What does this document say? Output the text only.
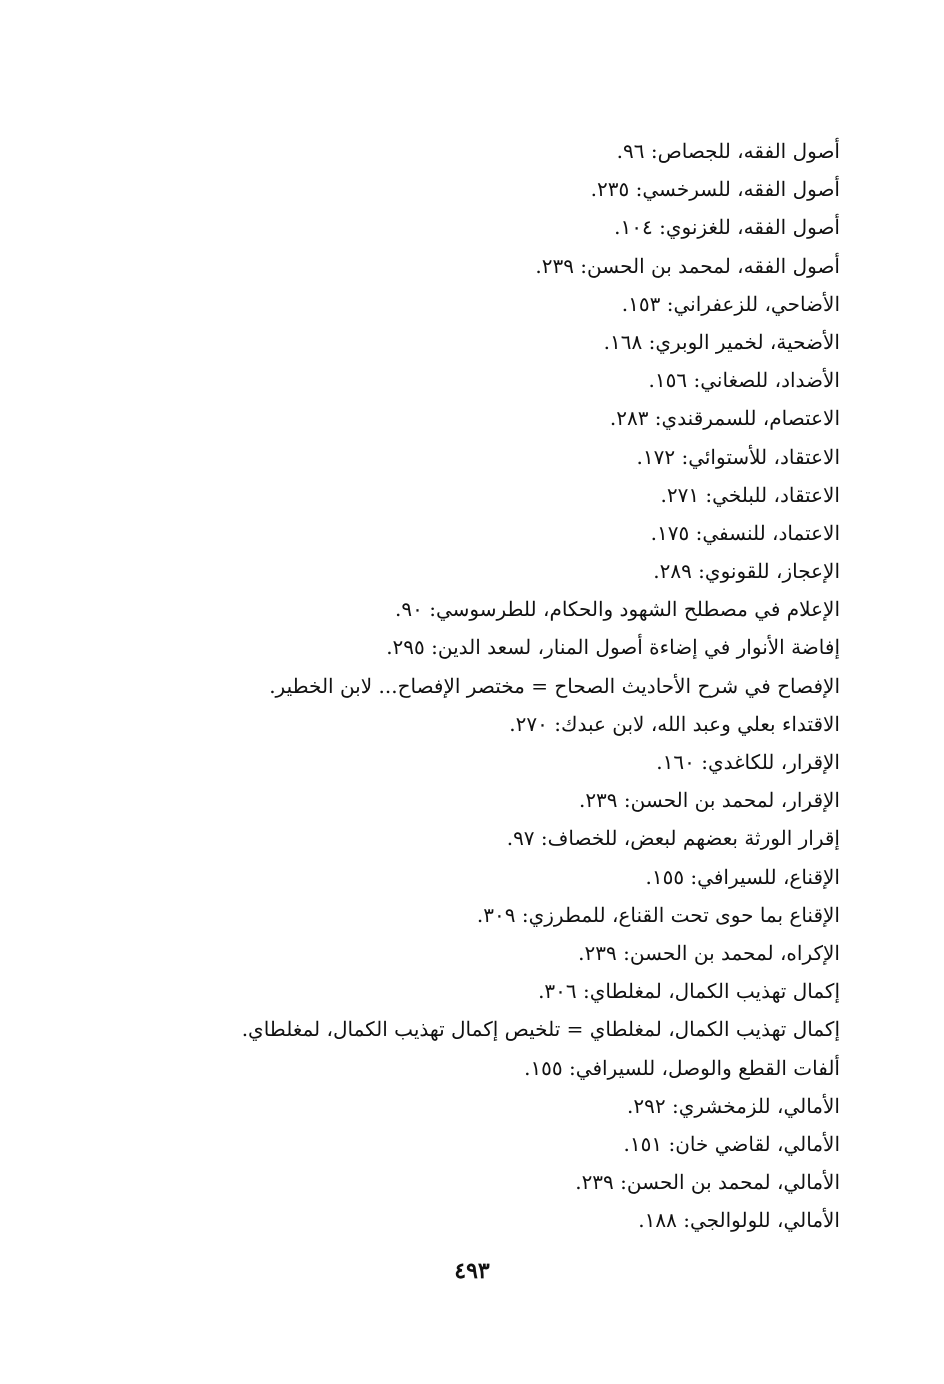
أصول الفقه، للجصاص: ٩٦.
أصول الفقه، للسرخسي: ٢٣٥.
أصول الفقه، للغزنوي: ١٠٤.
أصول الفقه، لمحمد بن الحسن: ٢٣٩.
الأضاحي، للزعفراني: ١٥٣.
الأضحية، لخمير الوبري: ١٦٨.
الأضداد، للصغاني: ١٥٦.
الاعتصام، للسمرقندي: ٢٨٣.
الاعتقاد، للأستوائي: ١٧٢.
الاعتقاد، للبلخي: ٢٧١.
الاعتماد، للنسفي: ١٧٥.
الإعجاز، للقونوي: ٢٨٩.
الإعلام في مصطلح الشهود والحكام، للطرسوسي: ٩٠.
إفاضة الأنوار في إضاءة أصول المنار، لسعد الدين: ٢٩٥.
الإفصاح في شرح الأحاديث الصحاح = مختصر الإفصاح... لابن الخطير.
الاقتداء بعلي وعبد الله، لابن عبدك: ٢٧٠.
الإقرار، للكاغدي: ١٦٠.
الإقرار، لمحمد بن الحسن: ٢٣٩.
إقرار الورثة بعضهم لبعض، للخصاف: ٩٧.
الإقناع، للسيرافي: ١٥٥.
الإقناع بما حوى تحت القناع، للمطرزي: ٣٠٩.
الإكراه، لمحمد بن الحسن: ٢٣٩.
إكمال تهذيب الكمال، لمغلطاي: ٣٠٦.
إكمال تهذيب الكمال، لمغلطاي = تلخيص إكمال تهذيب الكمال، لمغلطاي.
ألفات القطع والوصل، للسيرافي: ١٥٥.
الأمالي، للزمخشري: ٢٩٢.
الأمالي، لقاضي خان: ١٥١.
الأمالي، لمحمد بن الحسن: ٢٣٩.
الأمالي، للولوالجي: ١٨٨.
٤٩٣
